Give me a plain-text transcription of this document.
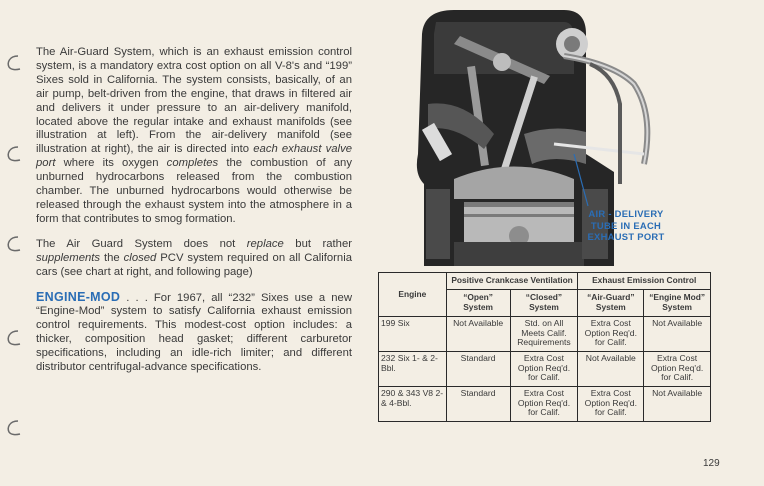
The Air-Guard System, which is an exhaust emission control system, is a mandatory extra cost option on all V-8's and “199” Sixes sold in California. The system consists, basically, of an air pump, belt-driven from the engine, that draws in filtered air and delivers it under pressure to an air-delivery manifold, located above the regular intake and exhaust manifolds (see illustration at left). From the air-delivery manifold (see illustration at right), the air is directed into each exhaust valve port where its oxygen completes the combustion of any unburned hydrocarbons released from the combustion chamber. The unburned hydrocarbons would otherwise be released through the exhaust system into the atmosphere in a form that contributes to smog formation.

The Air Guard System does not replace but rather supplements the closed PCV system required on all California cars (see chart at right, and following page)

ENGINE-MOD . . . For 1967, all “232” Sixes use a new “Engine-Mod” system to satisfy California exhaust emission control requirements. This modest-cost option includes: a thicker, composition head gasket; different carburetor specifications, including an idle-rich limiter; and different distributor centrifugal-advance specifications.

AIR - DELIVERY
TUBE IN EACH
EXHAUST PORT
Engine	Positive Crankcase Ventilation		Exhaust Emission Control	
	“Open” System	“Closed” System	“Air-Guard” System	“Engine Mod” System
199 Six	Not Available	Std. on All Meets Calif. Requirements	Extra Cost Option Req'd. for Calif.	Not Available
232 Six 1- & 2-Bbl.	Standard	Extra Cost Option Req'd. for Calif.	Not Available	Extra Cost Option Req'd. for Calif.
290 & 343 V8 2- & 4-Bbl.	Standard	Extra Cost Option Req'd. for Calif.	Extra Cost Option Req'd. for Calif.	Not Available
129
